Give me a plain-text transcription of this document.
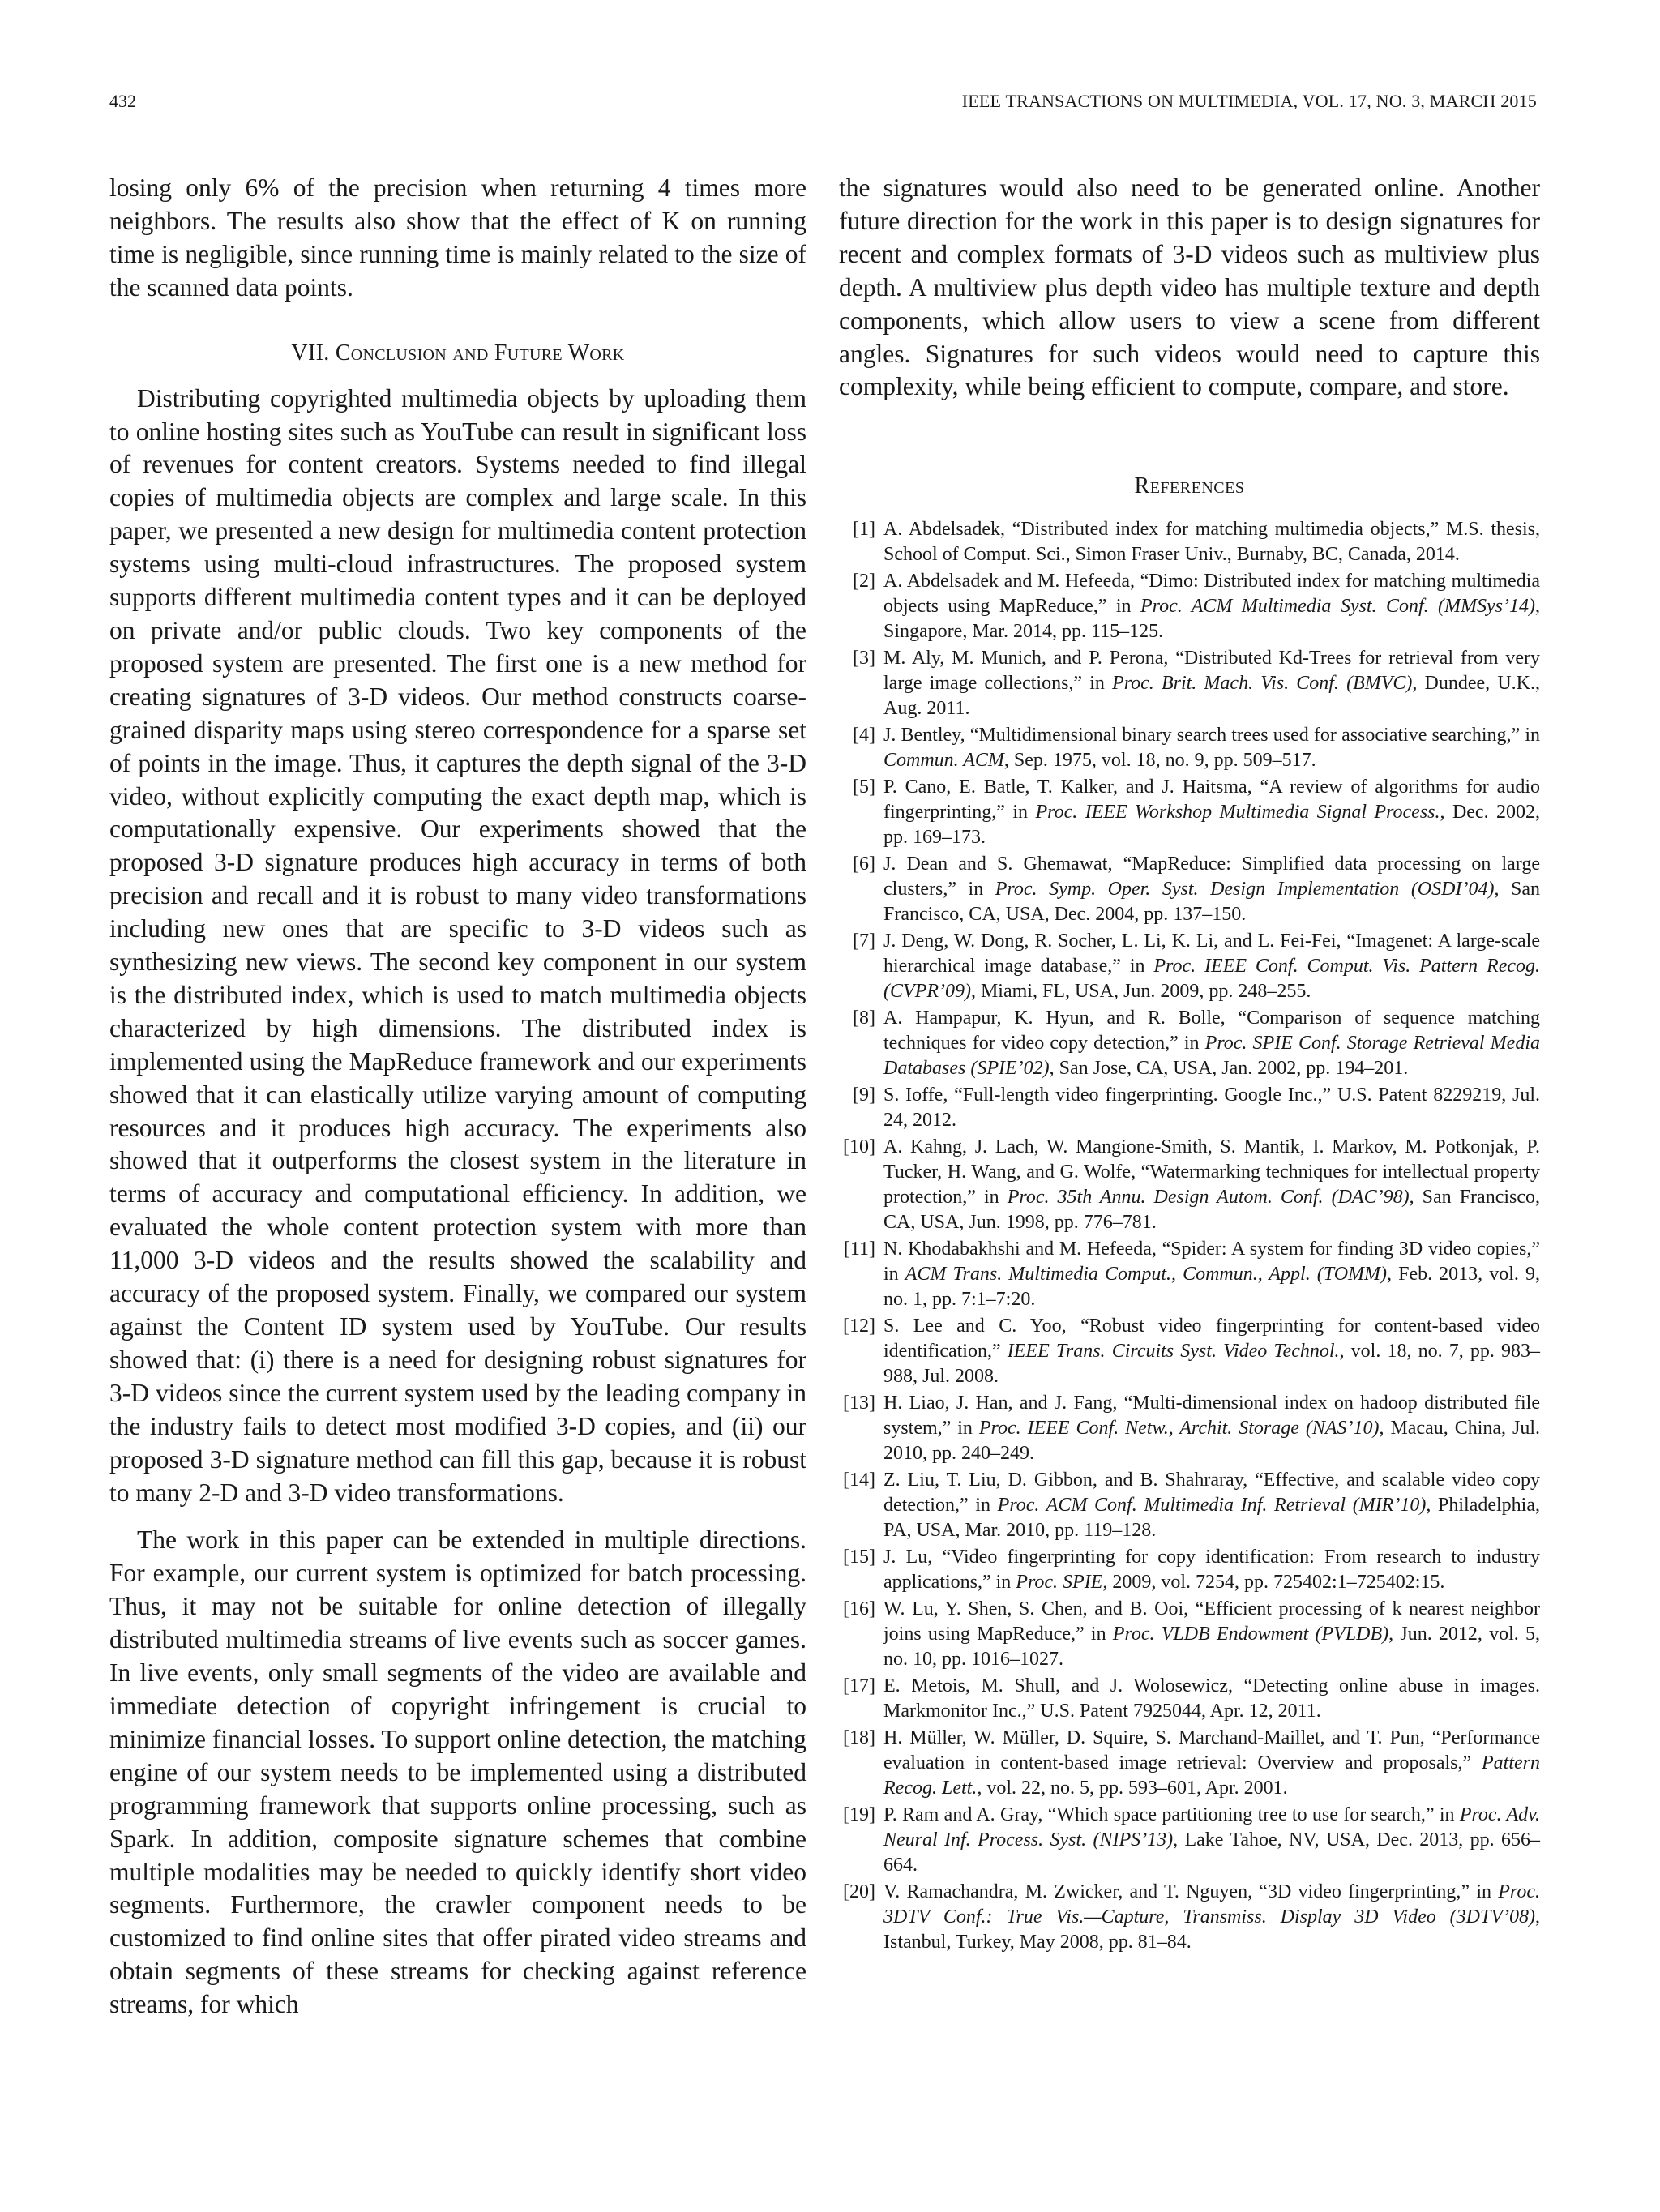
432	IEEE TRANSACTIONS ON MULTIMEDIA, VOL. 17, NO. 3, MARCH 2015

losing only 6% of the precision when returning 4 times more neighbors. The results also show that the effect of K on running time is negligible, since running time is mainly related to the size of the scanned data points.

VII. Conclusion and Future Work

Distributing copyrighted multimedia objects by uploading them to online hosting sites such as YouTube can result in significant loss of revenues for content creators. Systems needed to find illegal copies of multimedia objects are complex and large scale. In this paper, we presented a new design for multimedia content protection systems using multi-cloud infrastructures. The proposed system supports different multimedia content types and it can be deployed on private and/or public clouds. Two key components of the proposed system are presented. The first one is a new method for creating signatures of 3-D videos. Our method constructs coarse-grained disparity maps using stereo correspondence for a sparse set of points in the image. Thus, it captures the depth signal of the 3-D video, without explicitly computing the exact depth map, which is computationally expensive. Our experiments showed that the proposed 3-D signature produces high accuracy in terms of both precision and recall and it is robust to many video transformations including new ones that are specific to 3-D videos such as synthesizing new views. The second key component in our system is the distributed index, which is used to match multimedia objects characterized by high dimensions. The distributed index is implemented using the MapReduce framework and our experiments showed that it can elastically utilize varying amount of computing resources and it produces high accuracy. The experiments also showed that it outperforms the closest system in the literature in terms of accuracy and computational efficiency. In addition, we evaluated the whole content protection system with more than 11,000 3-D videos and the results showed the scalability and accuracy of the proposed system. Finally, we compared our system against the Content ID system used by YouTube. Our results showed that: (i) there is a need for designing robust signatures for 3-D videos since the current system used by the leading company in the industry fails to detect most modified 3-D copies, and (ii) our proposed 3-D signature method can fill this gap, because it is robust to many 2-D and 3-D video transformations.

The work in this paper can be extended in multiple directions. For example, our current system is optimized for batch processing. Thus, it may not be suitable for online detection of illegally distributed multimedia streams of live events such as soccer games. In live events, only small segments of the video are available and immediate detection of copyright infringement is crucial to minimize financial losses. To support online detection, the matching engine of our system needs to be implemented using a distributed programming framework that supports online processing, such as Spark. In addition, composite signature schemes that combine multiple modalities may be needed to quickly identify short video segments. Furthermore, the crawler component needs to be customized to find online sites that offer pirated video streams and obtain segments of these streams for checking against reference streams, for which

the signatures would also need to be generated online. Another future direction for the work in this paper is to design signatures for recent and complex formats of 3-D videos such as multiview plus depth. A multiview plus depth video has multiple texture and depth components, which allow users to view a scene from different angles. Signatures for such videos would need to capture this complexity, while being efficient to compute, compare, and store.

References
[1] A. Abdelsadek, “Distributed index for matching multimedia objects,” M.S. thesis, School of Comput. Sci., Simon Fraser Univ., Burnaby, BC, Canada, 2014.
[2] A. Abdelsadek and M. Hefeeda, “Dimo: Distributed index for matching multimedia objects using MapReduce,” in Proc. ACM Multimedia Syst. Conf. (MMSys’14), Singapore, Mar. 2014, pp. 115–125.
[3] M. Aly, M. Munich, and P. Perona, “Distributed Kd-Trees for retrieval from very large image collections,” in Proc. Brit. Mach. Vis. Conf. (BMVC), Dundee, U.K., Aug. 2011.
[4] J. Bentley, “Multidimensional binary search trees used for associative searching,” in Commun. ACM, Sep. 1975, vol. 18, no. 9, pp. 509–517.
[5] P. Cano, E. Batle, T. Kalker, and J. Haitsma, “A review of algorithms for audio fingerprinting,” in Proc. IEEE Workshop Multimedia Signal Process., Dec. 2002, pp. 169–173.
[6] J. Dean and S. Ghemawat, “MapReduce: Simplified data processing on large clusters,” in Proc. Symp. Oper. Syst. Design Implementation (OSDI’04), San Francisco, CA, USA, Dec. 2004, pp. 137–150.
[7] J. Deng, W. Dong, R. Socher, L. Li, K. Li, and L. Fei-Fei, “Imagenet: A large-scale hierarchical image database,” in Proc. IEEE Conf. Comput. Vis. Pattern Recog. (CVPR’09), Miami, FL, USA, Jun. 2009, pp. 248–255.
[8] A. Hampapur, K. Hyun, and R. Bolle, “Comparison of sequence matching techniques for video copy detection,” in Proc. SPIE Conf. Storage Retrieval Media Databases (SPIE’02), San Jose, CA, USA, Jan. 2002, pp. 194–201.
[9] S. Ioffe, “Full-length video fingerprinting. Google Inc.,” U.S. Patent 8229219, Jul. 24, 2012.
[10] A. Kahng, J. Lach, W. Mangione-Smith, S. Mantik, I. Markov, M. Potkonjak, P. Tucker, H. Wang, and G. Wolfe, “Watermarking techniques for intellectual property protection,” in Proc. 35th Annu. Design Autom. Conf. (DAC’98), San Francisco, CA, USA, Jun. 1998, pp. 776–781.
[11] N. Khodabakhshi and M. Hefeeda, “Spider: A system for finding 3D video copies,” in ACM Trans. Multimedia Comput., Commun., Appl. (TOMM), Feb. 2013, vol. 9, no. 1, pp. 7:1–7:20.
[12] S. Lee and C. Yoo, “Robust video fingerprinting for content-based video identification,” IEEE Trans. Circuits Syst. Video Technol., vol. 18, no. 7, pp. 983–988, Jul. 2008.
[13] H. Liao, J. Han, and J. Fang, “Multi-dimensional index on hadoop distributed file system,” in Proc. IEEE Conf. Netw., Archit. Storage (NAS’10), Macau, China, Jul. 2010, pp. 240–249.
[14] Z. Liu, T. Liu, D. Gibbon, and B. Shahraray, “Effective, and scalable video copy detection,” in Proc. ACM Conf. Multimedia Inf. Retrieval (MIR’10), Philadelphia, PA, USA, Mar. 2010, pp. 119–128.
[15] J. Lu, “Video fingerprinting for copy identification: From research to industry applications,” in Proc. SPIE, 2009, vol. 7254, pp. 725402:1–725402:15.
[16] W. Lu, Y. Shen, S. Chen, and B. Ooi, “Efficient processing of k nearest neighbor joins using MapReduce,” in Proc. VLDB Endowment (PVLDB), Jun. 2012, vol. 5, no. 10, pp. 1016–1027.
[17] E. Metois, M. Shull, and J. Wolosewicz, “Detecting online abuse in images. Markmonitor Inc.,” U.S. Patent 7925044, Apr. 12, 2011.
[18] H. Müller, W. Müller, D. Squire, S. Marchand-Maillet, and T. Pun, “Performance evaluation in content-based image retrieval: Overview and proposals,” Pattern Recog. Lett., vol. 22, no. 5, pp. 593–601, Apr. 2001.
[19] P. Ram and A. Gray, “Which space partitioning tree to use for search,” in Proc. Adv. Neural Inf. Process. Syst. (NIPS’13), Lake Tahoe, NV, USA, Dec. 2013, pp. 656–664.
[20] V. Ramachandra, M. Zwicker, and T. Nguyen, “3D video fingerprinting,” in Proc. 3DTV Conf.: True Vis.—Capture, Transmiss. Display 3D Video (3DTV’08), Istanbul, Turkey, May 2008, pp. 81–84.
